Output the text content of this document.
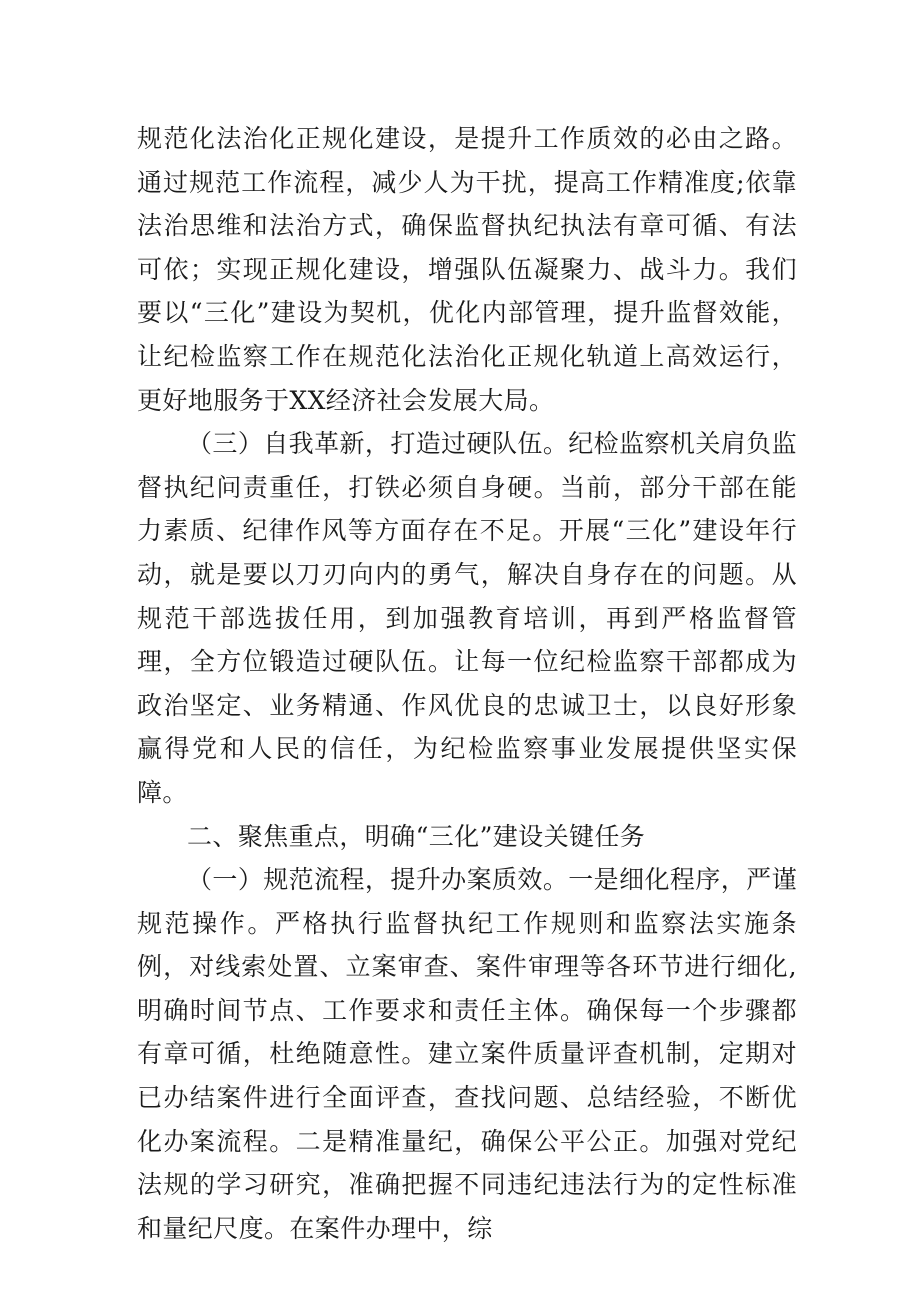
规范化法治化正规化建设，是提升工作质效的必由之路。通过规范工作流程，减少人为干扰，提高工作精准度;依靠法治思维和法治方式，确保监督执纪执法有章可循、有法可依；实现正规化建设，增强队伍凝聚力、战斗力。我们要以“三化”建设为契机，优化内部管理，提升监督效能，让纪检监察工作在规范化法治化正规化轨道上高效运行，更好地服务于XX经济社会发展大局。

（三）自我革新，打造过硬队伍。纪检监察机关肩负监督执纪问责重任，打铁必须自身硬。当前，部分干部在能力素质、纪律作风等方面存在不足。开展“三化”建设年行动，就是要以刀刃向内的勇气，解决自身存在的问题。从规范干部选拔任用，到加强教育培训，再到严格监督管理，全方位锻造过硬队伍。让每一位纪检监察干部都成为政治坚定、业务精通、作风优良的忠诚卫士，以良好形象赢得党和人民的信任，为纪检监察事业发展提供坚实保障。

二、聚焦重点，明确“三化”建设关键任务

（一）规范流程，提升办案质效。一是细化程序，严谨规范操作。严格执行监督执纪工作规则和监察法实施条例，对线索处置、立案审查、案件审理等各环节进行细化,明确时间节点、工作要求和责任主体。确保每一个步骤都有章可循，杜绝随意性。建立案件质量评查机制，定期对已办结案件进行全面评查，查找问题、总结经验，不断优化办案流程。二是精准量纪，确保公平公正。加强对党纪法规的学习研究，准确把握不同违纪违法行为的定性标准和量纪尺度。在案件办理中，综
